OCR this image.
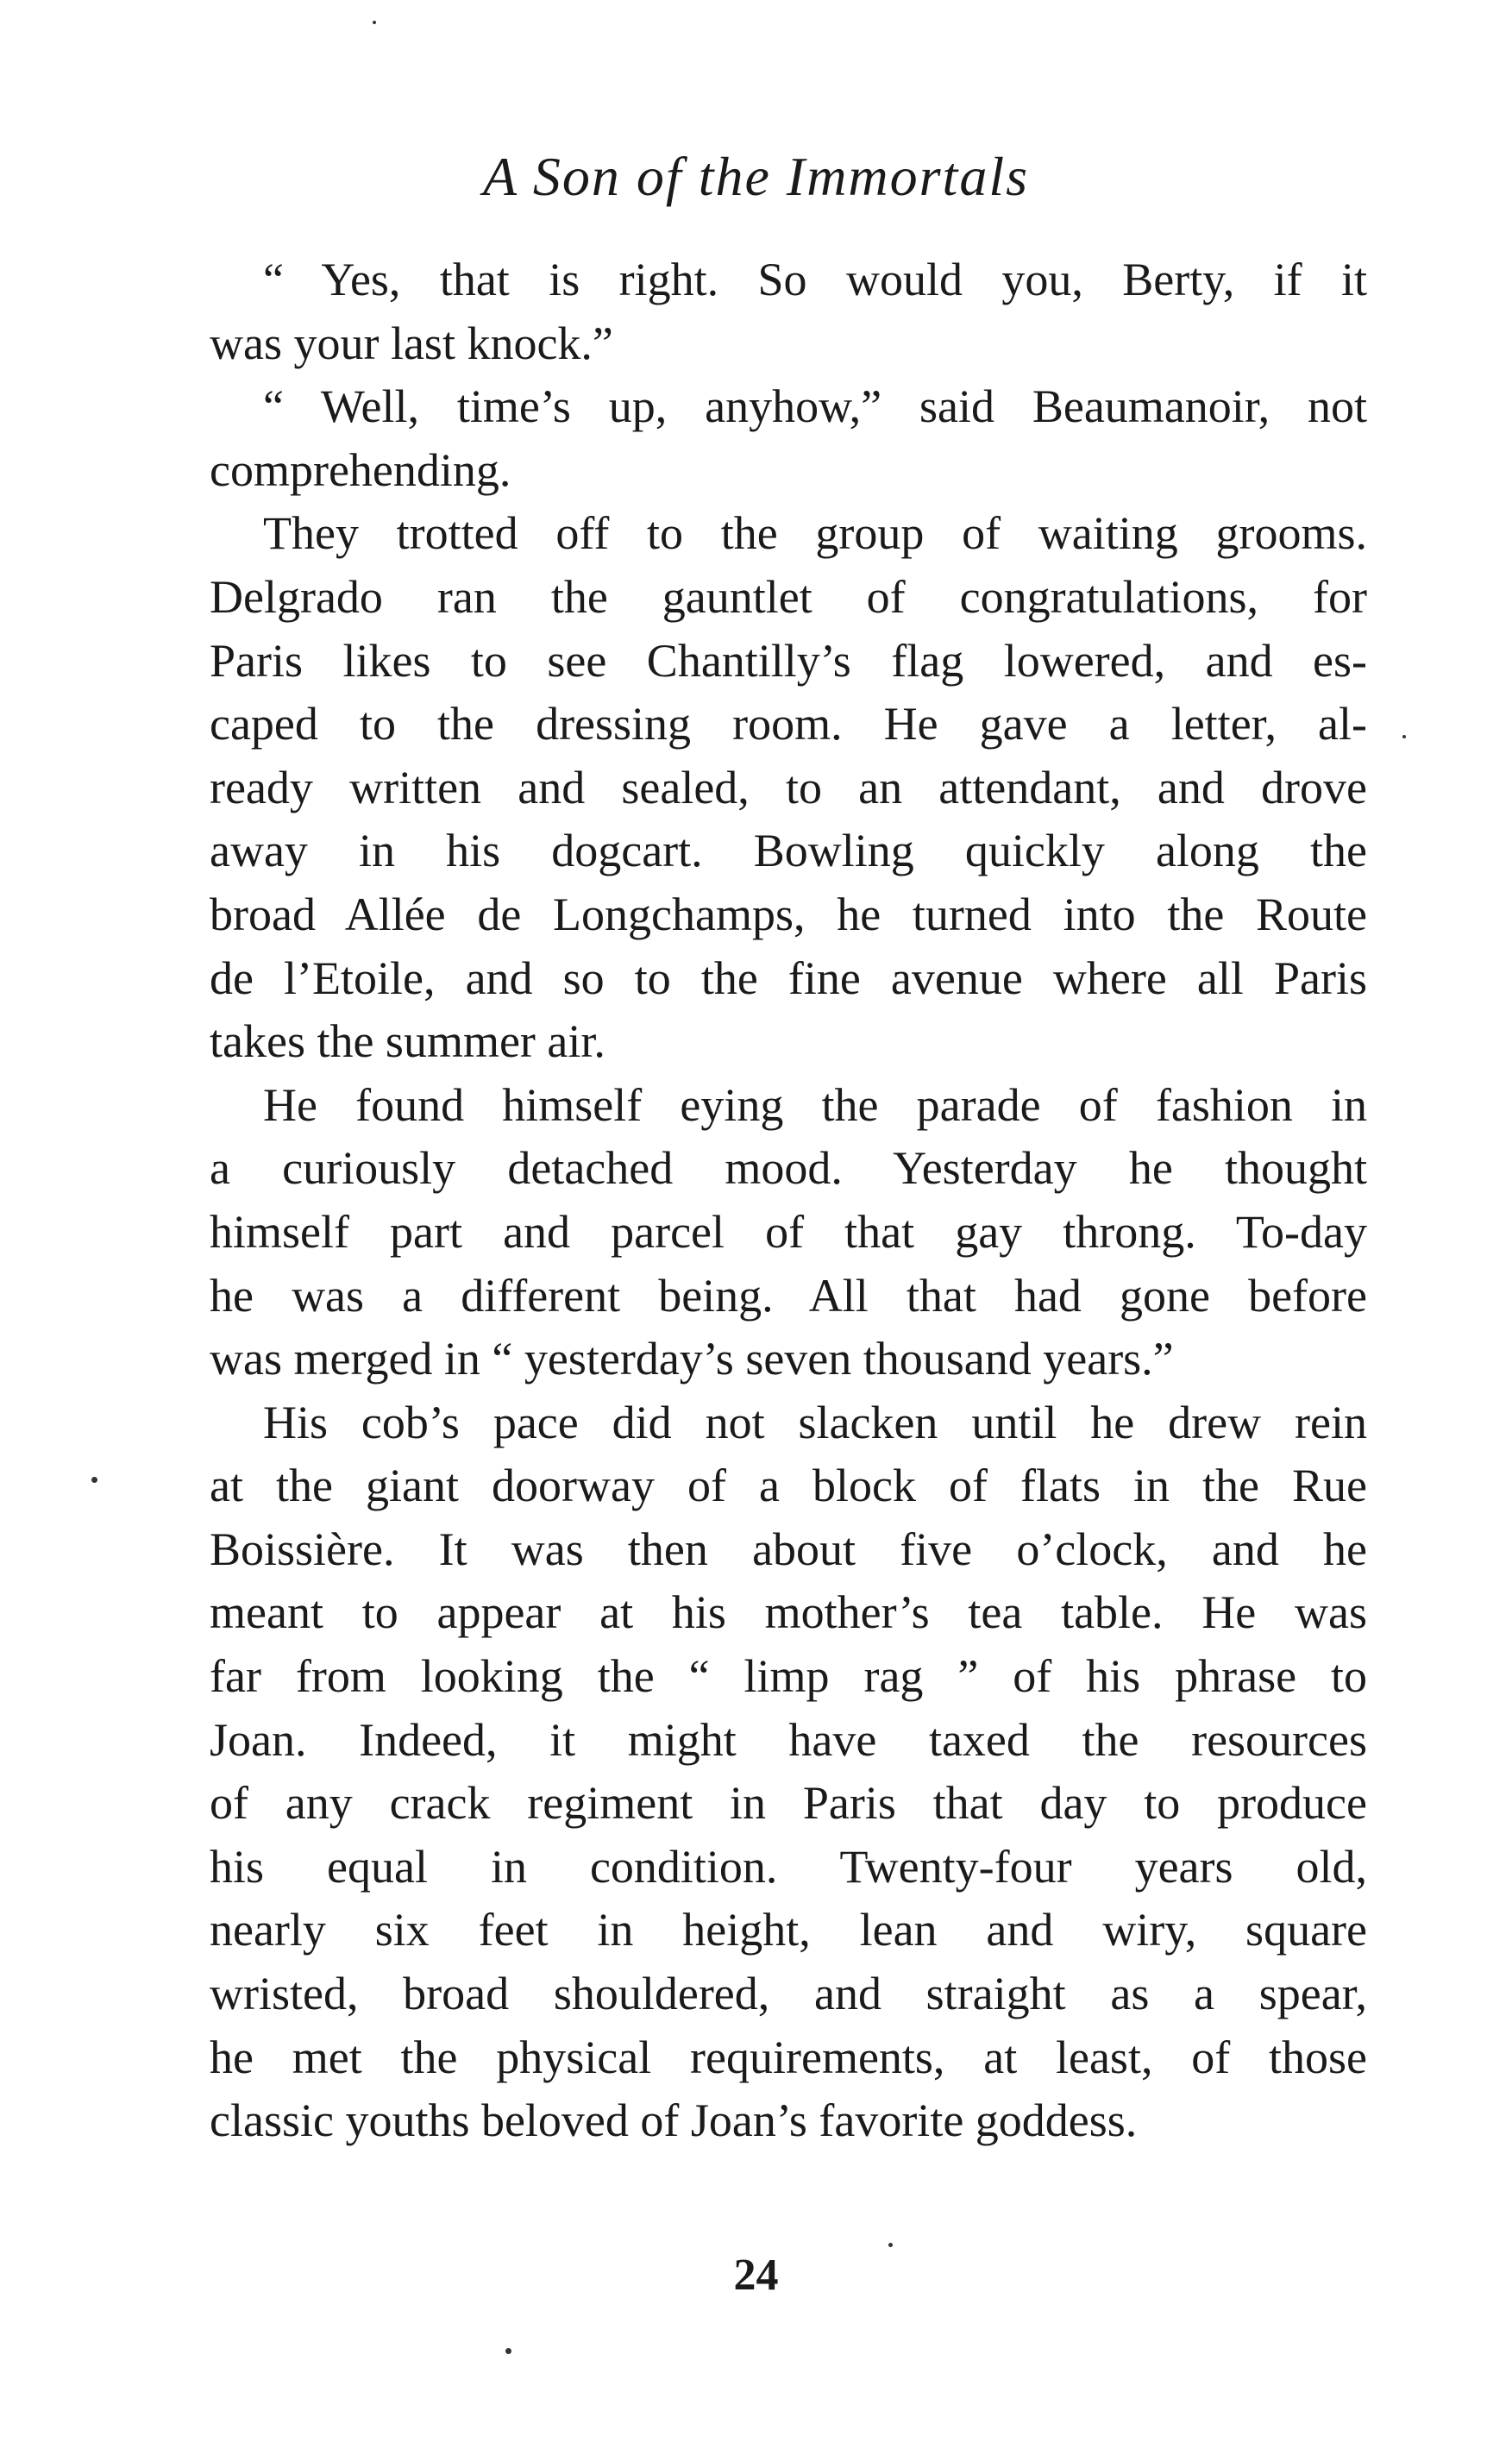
A Son of the Immortals
“ Yes, that is right. So would you, Berty, if it
was your last knock.”
“ Well, time’s up, anyhow,” said Beaumanoir, not
comprehending.
They trotted off to the group of waiting grooms.
Delgrado ran the gauntlet of congratulations, for
Paris likes to see Chantilly’s flag lowered, and es-
caped to the dressing room. He gave a letter, al-
ready written and sealed, to an attendant, and drove
away in his dogcart. Bowling quickly along the
broad Allée de Longchamps, he turned into the Route
de l’Etoile, and so to the fine avenue where all Paris
takes the summer air.
He found himself eying the parade of fashion in
a curiously detached mood. Yesterday he thought
himself part and parcel of that gay throng. To-day
he was a different being. All that had gone before
was merged in “ yesterday’s seven thousand years.”
His cob’s pace did not slacken until he drew rein
at the giant doorway of a block of flats in the Rue
Boissière. It was then about five o’clock, and he
meant to appear at his mother’s tea table. He was
far from looking the “ limp rag ” of his phrase to
Joan. Indeed, it might have taxed the resources
of any crack regiment in Paris that day to produce
his equal in condition. Twenty-four years old,
nearly six feet in height, lean and wiry, square
wristed, broad shouldered, and straight as a spear,
he met the physical requirements, at least, of those
classic youths beloved of Joan’s favorite goddess.
24
